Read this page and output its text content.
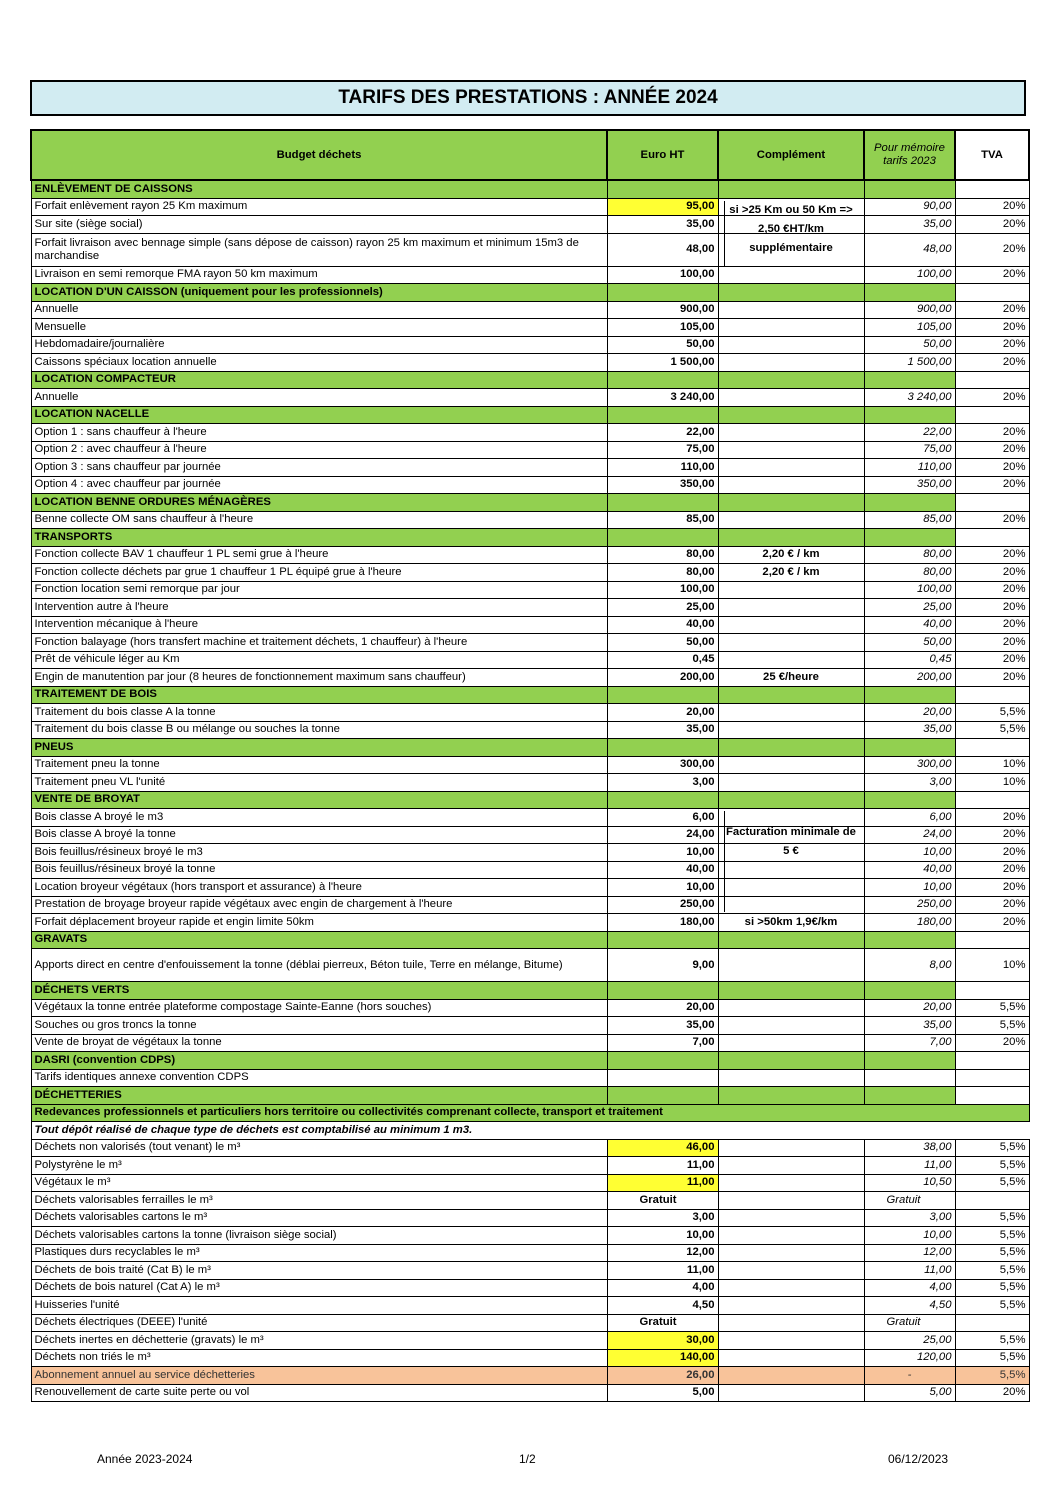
TARIFS DES PRESTATIONS : ANNÉE 2024
Budget déchets	Euro HT	Complément	Pour mémoire tarifs 2023	TVA
ENLÈVEMENT DE CAISSONS				
Forfait enlèvement rayon 25 Km maximum	95,00	si >25 Km ou 50 Km => 2,50 €HT/km supplémentaire	90,00	20%
Sur site (siège social)	35,00		35,00	20%
Forfait livraison avec bennage simple (sans dépose de caisson) rayon 25 km maximum et minimum 15m3 de marchandise	48,00		48,00	20%
Livraison en semi remorque FMA rayon 50 km maximum	100,00		100,00	20%
LOCATION D'UN CAISSON (uniquement pour les professionnels)				
Annuelle	900,00		900,00	20%
Mensuelle	105,00		105,00	20%
Hebdomadaire/journalière	50,00		50,00	20%
Caissons spéciaux location annuelle	1 500,00		1 500,00	20%
LOCATION COMPACTEUR				
Annuelle	3 240,00		3 240,00	20%
LOCATION NACELLE				
Option 1 : sans chauffeur à l'heure	22,00		22,00	20%
Option 2 : avec chauffeur à l'heure	75,00		75,00	20%
Option 3 : sans chauffeur par journée	110,00		110,00	20%
Option 4 : avec chauffeur par journée	350,00		350,00	20%
LOCATION BENNE ORDURES MÉNAGÈRES				
Benne collecte OM sans chauffeur à l'heure	85,00		85,00	20%
TRANSPORTS				
Fonction collecte BAV 1 chauffeur 1 PL semi grue à l'heure	80,00	2,20 € / km	80,00	20%
Fonction collecte déchets par grue 1 chauffeur 1 PL équipé grue à l'heure	80,00	2,20 € / km	80,00	20%
Fonction location semi remorque par jour	100,00		100,00	20%
Intervention autre à l'heure	25,00		25,00	20%
Intervention mécanique à l'heure	40,00		40,00	20%
Fonction balayage (hors transfert machine et traitement déchets, 1 chauffeur) à l'heure	50,00		50,00	20%
Prêt de véhicule léger au Km	0,45		0,45	20%
Engin de manutention par jour (8 heures de fonctionnement maximum sans chauffeur)	200,00	25 €/heure	200,00	20%
TRAITEMENT DE BOIS				
Traitement du bois classe A la tonne	20,00		20,00	5,5%
Traitement du bois classe B ou mélange ou souches la tonne	35,00		35,00	5,5%
PNEUS				
Traitement pneu la tonne	300,00		300,00	10%
Traitement pneu VL l'unité	3,00		3,00	10%
VENTE DE BROYAT				
Bois classe A broyé le m3	6,00	Facturation minimale de 5 €	6,00	20%
Bois classe A broyé la tonne	24,00		24,00	20%
Bois feuillus/résineux broyé le m3	10,00		10,00	20%
Bois feuillus/résineux broyé la tonne	40,00		40,00	20%
Location broyeur végétaux (hors transport et assurance) à l'heure	10,00		10,00	20%
Prestation de broyage broyeur rapide végétaux avec engin de chargement à l'heure	250,00		250,00	20%
Forfait déplacement broyeur rapide et engin limite 50km	180,00	si >50km 1,9€/km	180,00	20%
GRAVATS				
Apports direct en centre d'enfouissement la tonne (déblai pierreux, Béton tuile, Terre en mélange, Bitume)	9,00		8,00	10%
DÉCHETS VERTS				
Végétaux la tonne entrée plateforme compostage Sainte-Eanne (hors souches)	20,00		20,00	5,5%
Souches ou gros troncs la tonne	35,00		35,00	5,5%
Vente de broyat de végétaux la tonne	7,00		7,00	20%
DASRI (convention CDPS)				
Tarifs identiques annexe convention CDPS				
DÉCHETTERIES				
Redevances professionnels et particuliers hors territoire ou collectivités comprenant collecte, transport et traitement				
Tout dépôt réalisé de chaque type de déchets est comptabilisé au minimum 1 m3.				
Déchets non valorisés (tout venant) le m³	46,00		38,00	5,5%
Polystyrène le m³	11,00		11,00	5,5%
Végétaux le m³	11,00		10,50	5,5%
Déchets valorisables ferrailles le m³	Gratuit		Gratuit	
Déchets valorisables cartons le m³	3,00		3,00	5,5%
Déchets valorisables cartons la tonne (livraison siège social)	10,00		10,00	5,5%
Plastiques durs recyclables le m³	12,00		12,00	5,5%
Déchets de bois traité (Cat B) le m³	11,00		11,00	5,5%
Déchets de bois naturel (Cat A) le m³	4,00		4,00	5,5%
Huisseries l'unité	4,50		4,50	5,5%
Déchets électriques (DEEE) l'unité	Gratuit		Gratuit	
Déchets inertes en déchetterie (gravats) le m³	30,00		25,00	5,5%
Déchets non triés le m³	140,00		120,00	5,5%
Abonnement annuel au service déchetteries	26,00		-	5,5%
Renouvellement de carte suite perte ou vol	5,00		5,00	20%
Année 2023-2024	1/2	06/12/2023
